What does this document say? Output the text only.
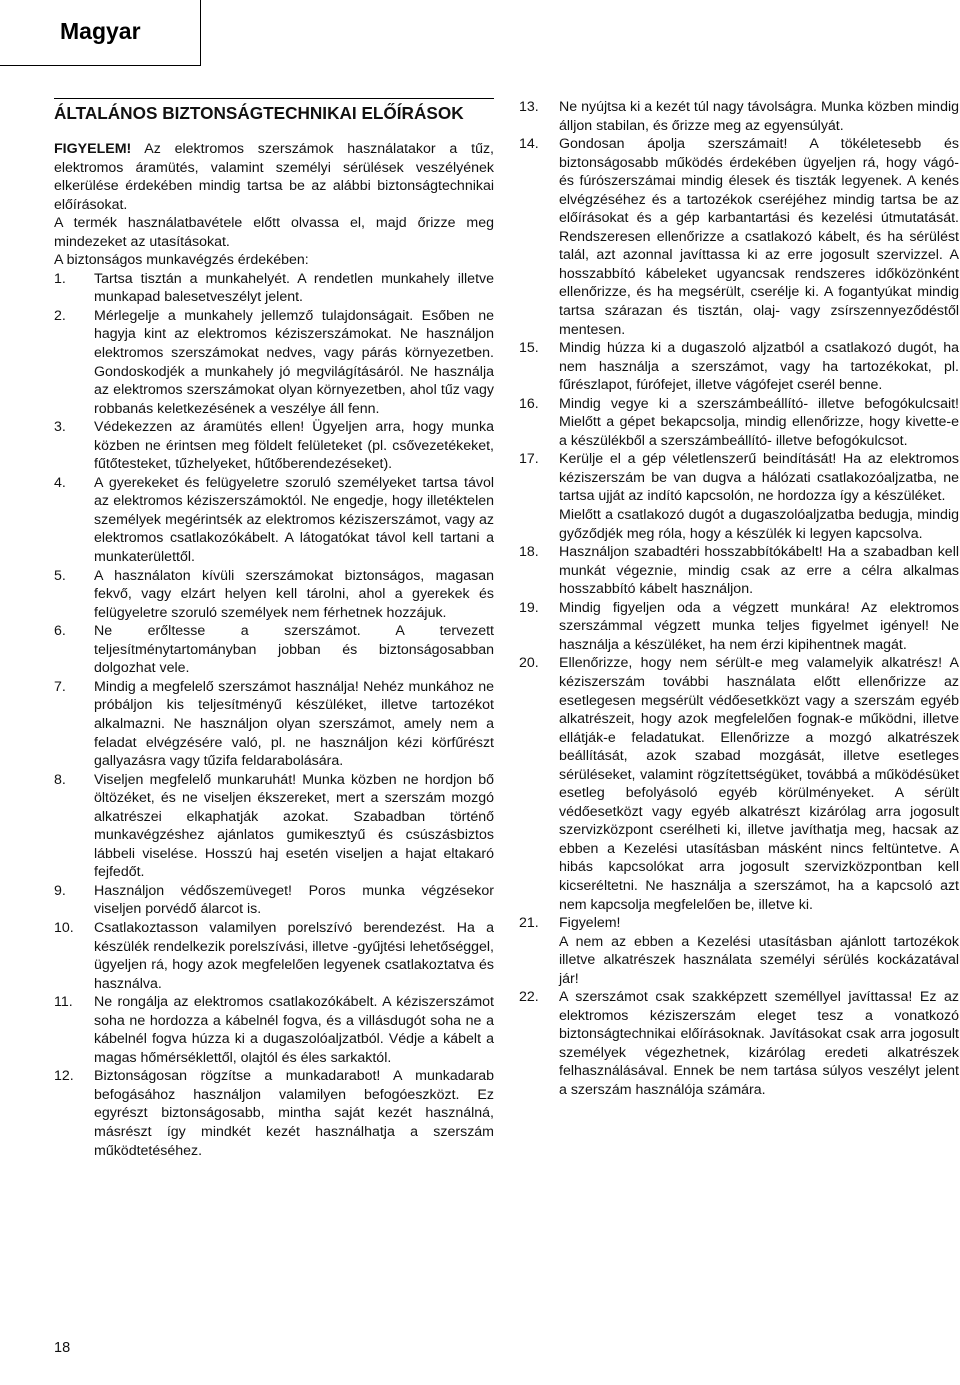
Magyar
ÁLTALÁNOS BIZTONSÁGTECHNIKAI ELŐÍRÁSOK

FIGYELEM! Az elektromos szerszámok használatakor a tűz, elektromos áramütés, valamint személyi sérülések veszélyének elkerülése érdekében mindig tartsa be az alábbi biztonságtechnikai előírásokat.

A termék használatbavétele előtt olvassa el, majd őrizze meg mindezeket az utasításokat.

A biztonságos munkavégzés érdekében:

1. Tartsa tisztán a munkahelyét. A rendetlen munkahely illetve munkapad balesetveszélyt jelent.
2. Mérlegelje a munkahely jellemző tulajdonságait. Esőben ne hagyja kint az elektromos kéziszerszámokat. Ne használjon elektromos szerszámokat nedves, vagy párás környezetben. Gondoskodjék a munkahely jó megvilágításáról. Ne használja az elektromos szerszámokat olyan környezetben, ahol tűz vagy robbanás keletkezésének a veszélye áll fenn.
3. Védekezzen az áramütés ellen! Ügyeljen arra, hogy munka közben ne érintsen meg földelt felületeket (pl. csővezetékeket, fűtőtesteket, tűzhelyeket, hűtőberendezéseket).
4. A gyerekeket és felügyeletre szoruló személyeket tartsa távol az elektromos kéziszerszámoktól. Ne engedje, hogy illetéktelen személyek megérintsék az elektromos kéziszerszámot, vagy az elektromos csatlakozókábelt. A látogatókat távol kell tartani a munkaterülettől.
5. A használaton kívüli szerszámokat biztonságos, magasan fekvő, vagy elzárt helyen kell tárolni, ahol a gyerekek és felügyeletre szoruló személyek nem férhetnek hozzájuk.
6. Ne erőltesse a szerszámot. A tervezett teljesítménytartományban jobban és biztonságosabban dolgozhat vele.
7. Mindig a megfelelő szerszámot használja! Nehéz munkához ne próbáljon kis teljesítményű készüléket, illetve tartozékot alkalmazni. Ne használjon olyan szerszámot, amely nem a feladat elvégzésére való, pl. ne használjon kézi körfűrészt gallyazásra vagy tűzifa feldarabolására.
8. Viseljen megfelelő munkaruhát! Munka közben ne hordjon bő öltözéket, és ne viseljen ékszereket, mert a szerszám mozgó alkatrészei elkaphatják azokat. Szabadban történő munkavégzéshez ajánlatos gumikesztyű és csúszásbiztos lábbeli viselése. Hosszú haj esetén viseljen a hajat eltakaró fejfedőt.
9. Használjon védőszemüveget! Poros munka végzésekor viseljen porvédő álarcot is.
10. Csatlakoztasson valamilyen porelszívó berendezést. Ha a készülék rendelkezik porelszívási, illetve -gyűjtési lehetőséggel, ügyeljen rá, hogy azok megfelelően legyenek csatlakoztatva és használva.
11. Ne rongálja az elektromos csatlakozókábelt. A kéziszerszámot soha ne hordozza a kábelnél fogva, és a villásdugót soha ne a kábelnél fogva húzza ki a dugaszolóaljzatból. Védje a kábelt a magas hőmérséklettől, olajtól és éles sarkaktól.
12. Biztonságosan rögzítse a munkadarabot! A munkadarab befogásához használjon valamilyen befogóeszközt. Ez egyrészt biztonságosabb, mintha saját kezét használná, másrészt így mindkét kezét használhatja a szerszám működtetéséhez.
13. Ne nyújtsa ki a kezét túl nagy távolságra. Munka közben mindig álljon stabilan, és őrizze meg az egyensúlyát.
14. Gondosan ápolja szerszámait! A tökéletesebb és biztonságosabb működés érdekében ügyeljen rá, hogy vágó- és fúrószerszámai mindig élesek és tiszták legyenek. A kenés elvégzéséhez és a tartozékok cseréjéhez mindig tartsa be az előírásokat és a gép karbantartási és kezelési útmutatását. Rendszeresen ellenőrizze a csatlakozó kábelt, és ha sérülést talál, azt azonnal javíttassa ki az erre jogosult szervizzel. A hosszabbító kábeleket ugyancsak rendszeres időközönként ellenőrizze, és ha megsérült, cserélje ki. A fogantyúkat mindig tartsa szárazan és tisztán, olaj- vagy zsírszennyeződéstől mentesen.
15. Mindig húzza ki a dugaszoló aljzatból a csatlakozó dugót, ha nem használja a szerszámot, vagy ha tartozékokat, pl. fűrészlapot, fúrófejet, illetve vágófejet cserél benne.
16. Mindig vegye ki a szerszámbeállító- illetve befogókulcsait! Mielőtt a gépet bekapcsolja, mindig ellenőrizze, hogy kivette-e a készülékből a szerszámbeállító- illetve befogókulcsot.
17. Kerülje el a gép véletlenszerű beindítását! Ha az elektromos kéziszerszám be van dugva a hálózati csatlakozóaljzatba, ne tartsa ujját az indító kapcsolón, ne hordozza így a készüléket.
Mielőtt a csatlakozó dugót a dugaszolóaljzatba bedugja, mindig győződjék meg róla, hogy a készülék ki legyen kapcsolva.
18. Használjon szabadtéri hosszabbítókábelt! Ha a szabadban kell munkát végeznie, mindig csak az erre a célra alkalmas hosszabbító kábelt használjon.
19. Mindig figyeljen oda a végzett munkára! Az elektromos szerszámmal végzett munka teljes figyelmet igényel! Ne használja a készüléket, ha nem érzi kipihentnek magát.
20. Ellenőrizze, hogy nem sérült-e meg valamelyik alkatrész! A kéziszerszám további használata előtt ellenőrizze az esetlegesen megsérült védőesetkközt vagy a szerszám egyéb alkatrészeit, hogy azok megfelelően fognak-e működni, illetve ellátják-e feladatukat. Ellenőrizze a mozgó alkatrészek beállítását, azok szabad mozgását, illetve esetleges sérüléseket, valamint rögzítettségüket, továbbá a működésüket esetleg befolyásoló egyéb körülményeket. A sérült védőesetközt vagy egyéb alkatrészt kizárólag arra jogosult szervizközpont cserélheti ki, illetve javíthatja meg, hacsak az ebben a Kezelési utasításban másként nincs feltüntetve. A hibás kapcsolókat arra jogosult szervizközpontban kell kicseréltetni. Ne használja a szerszámot, ha a kapcsoló azt nem kapcsolja megfelelően be, illetve ki.
21. Figyelem!
A nem az ebben a Kezelési utasításban ajánlott tartozékok illetve alkatrészek használata személyi sérülés kockázatával jár!
22. A szerszámot csak szakképzett személlyel javíttassa! Ez az elektromos kéziszerszám eleget tesz a vonatkozó biztonságtechnikai előírásoknak. Javításokat csak arra jogosult személyek végezhetnek, kizárólag eredeti alkatrészek felhasználásával. Ennek be nem tartása súlyos veszélyt jelent a szerszám használója számára.
18
